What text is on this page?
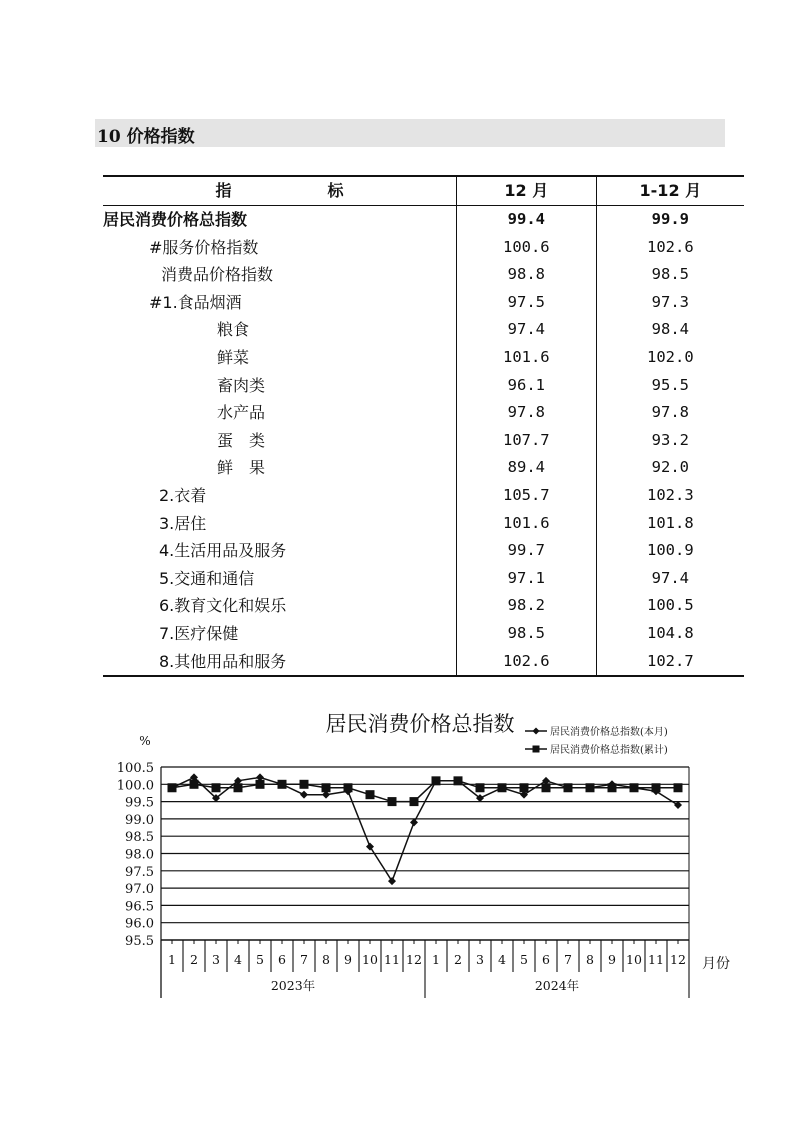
10 价格指数
指 标	12 月	1-12 月
居民消费价格总指数	99.4	99.9
#服务价格指数	100.6	102.6
消费品价格指数	98.8	98.5
#1.食品烟酒	97.5	97.3
粮食	97.4	98.4
鲜菜	101.6	102.0
畜肉类	96.1	95.5
水产品	97.8	97.8
蛋　类	107.7	93.2
鲜　果	89.4	92.0
2.衣着	105.7	102.3
3.居住	101.6	101.8
4.生活用品及服务	99.7	100.9
5.交通和通信	97.1	97.4
6.教育文化和娱乐	98.2	100.5
7.医疗保健	98.5	104.8
8.其他用品和服务	102.6	102.7
居民消费价格总指数
%
居民消费价格总指数(本月)
居民消费价格总指数(累计)
100.5
100.0
99.5
99.0
98.5
98.0
97.5
97.0
96.5
96.0
95.5
1 2 3 4 5 6 7 8 9 10 11 12 1 2 3 4 5 6 7 8 9 10 11 12
2023年	2024年
月份
